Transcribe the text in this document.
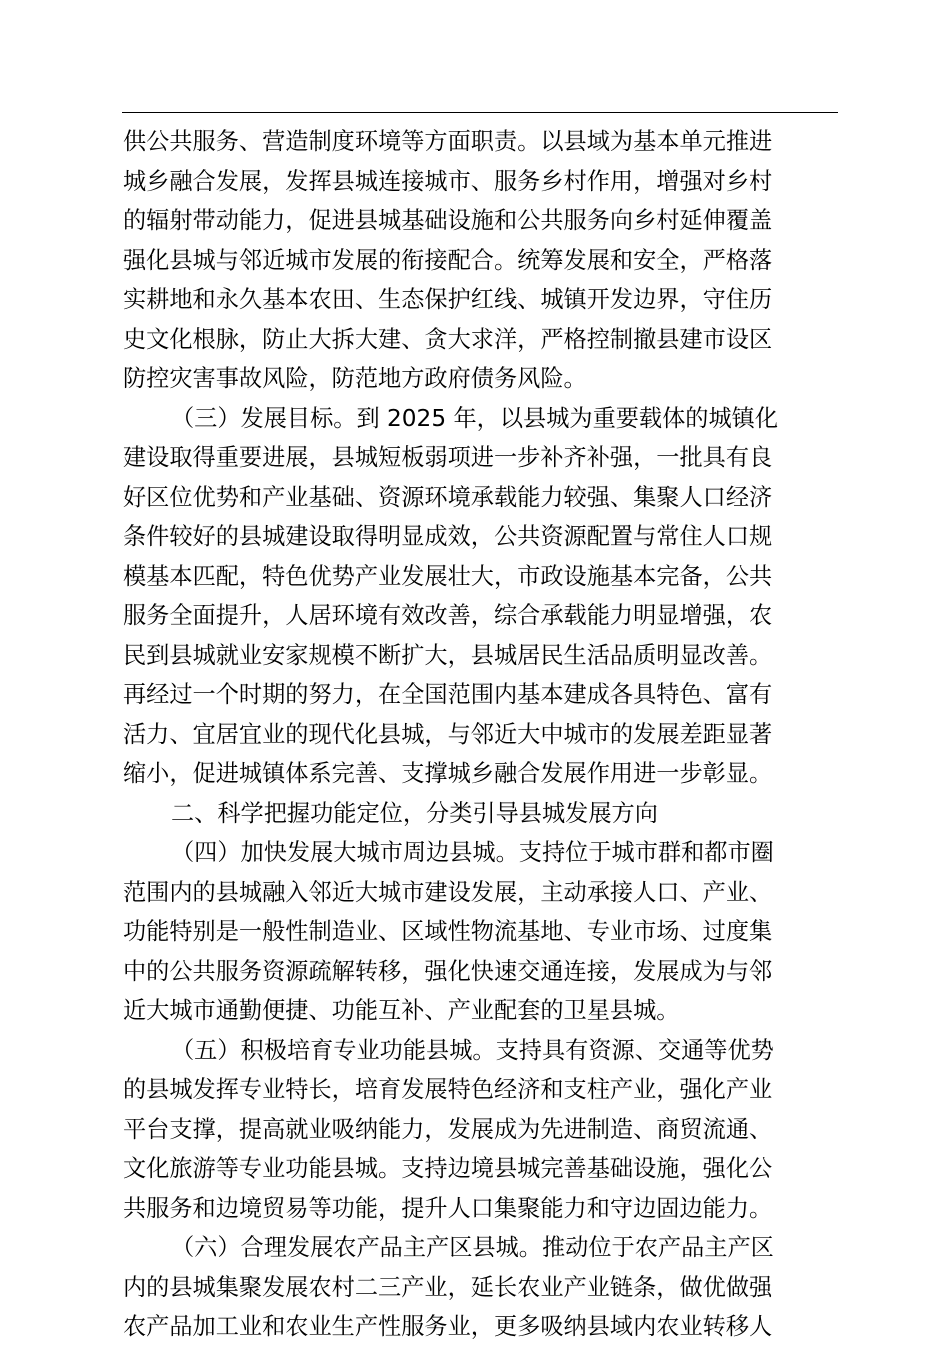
供公共服务、营造制度环境等方面职责。以县域为基本单元推进
城乡融合发展，发挥县城连接城市、服务乡村作用，增强对乡村
的辐射带动能力，促进县城基础设施和公共服务向乡村延伸覆盖
强化县城与邻近城市发展的衔接配合。统筹发展和安全，严格落
实耕地和永久基本农田、生态保护红线、城镇开发边界，守住历
史文化根脉，防止大拆大建、贪大求洋，严格控制撤县建市设区
防控灾害事故风险，防范地方政府债务风险。
（三）发展目标。到 2025 年，以县城为重要载体的城镇化
建设取得重要进展，县城短板弱项进一步补齐补强，一批具有良
好区位优势和产业基础、资源环境承载能力较强、集聚人口经济
条件较好的县城建设取得明显成效，公共资源配置与常住人口规
模基本匹配，特色优势产业发展壮大，市政设施基本完备，公共
服务全面提升，人居环境有效改善，综合承载能力明显增强，农
民到县城就业安家规模不断扩大，县城居民生活品质明显改善。
再经过一个时期的努力，在全国范围内基本建成各具特色、富有
活力、宜居宜业的现代化县城，与邻近大中城市的发展差距显著
缩小，促进城镇体系完善、支撑城乡融合发展作用进一步彰显。
二、科学把握功能定位，分类引导县城发展方向
（四）加快发展大城市周边县城。支持位于城市群和都市圈
范围内的县城融入邻近大城市建设发展，主动承接人口、产业、
功能特别是一般性制造业、区域性物流基地、专业市场、过度集
中的公共服务资源疏解转移，强化快速交通连接，发展成为与邻
近大城市通勤便捷、功能互补、产业配套的卫星县城。
（五）积极培育专业功能县城。支持具有资源、交通等优势
的县城发挥专业特长，培育发展特色经济和支柱产业，强化产业
平台支撑，提高就业吸纳能力，发展成为先进制造、商贸流通、
文化旅游等专业功能县城。支持边境县城完善基础设施，强化公
共服务和边境贸易等功能，提升人口集聚能力和守边固边能力。
（六）合理发展农产品主产区县城。推动位于农产品主产区
内的县城集聚发展农村二三产业，延长农业产业链条，做优做强
农产品加工业和农业生产性服务业，更多吸纳县域内农业转移人
